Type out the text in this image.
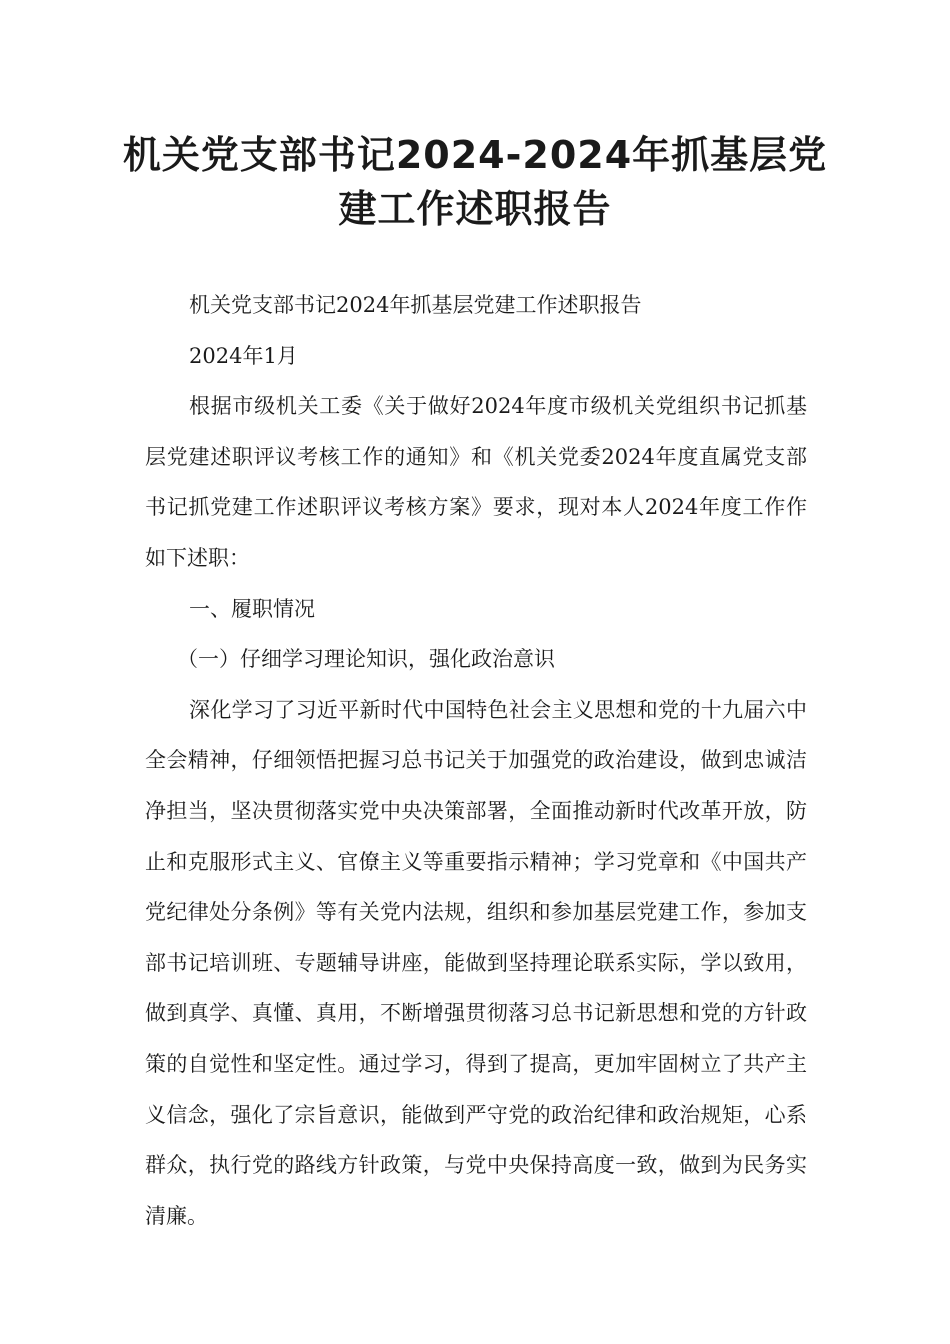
机关党支部书记2024-2024年抓基层党
建工作述职报告

机关党支部书记2024年抓基层党建工作述职报告

2024年1月

根据市级机关工委《关于做好2024年度市级机关党组织书记抓基层党建述职评议考核工作的通知》和《机关党委2024年度直属党支部书记抓党建工作述职评议考核方案》要求，现对本人2024年度工作作如下述职：

一、履职情况

（一）仔细学习理论知识，强化政治意识

深化学习了习近平新时代中国特色社会主义思想和党的十九届六中全会精神，仔细领悟把握习总书记关于加强党的政治建设，做到忠诚洁净担当，坚决贯彻落实党中央决策部署，全面推动新时代改革开放，防止和克服形式主义、官僚主义等重要指示精神；学习党章和《中国共产党纪律处分条例》等有关党内法规，组织和参加基层党建工作，参加支部书记培训班、专题辅导讲座，能做到坚持理论联系实际，学以致用，做到真学、真懂、真用，不断增强贯彻落习总书记新思想和党的方针政策的自觉性和坚定性。通过学习，得到了提高，更加牢固树立了共产主义信念，强化了宗旨意识，能做到严守党的政治纪律和政治规矩，心系群众，执行党的路线方针政策，与党中央保持高度一致，做到为民务实清廉。
